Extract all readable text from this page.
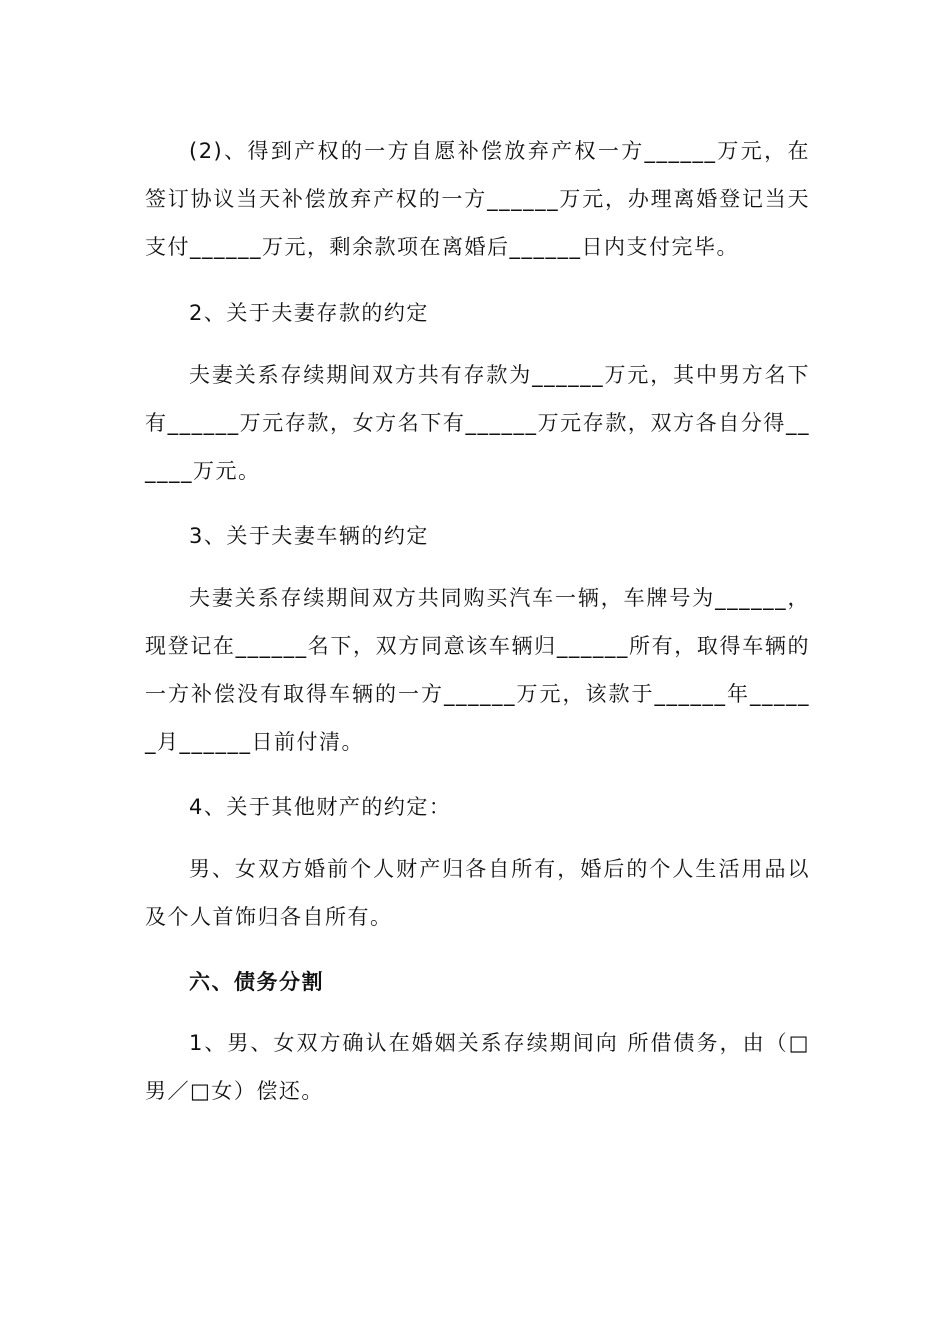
(2)、得到产权的一方自愿补偿放弃产权一方______万元，在签订协议当天补偿放弃产权的一方______万元，办理离婚登记当天支付______万元，剩余款项在离婚后______日内支付完毕。

2、关于夫妻存款的约定

夫妻关系存续期间双方共有存款为______万元，其中男方名下有______万元存款，女方名下有______万元存款，双方各自分得______万元。

3、关于夫妻车辆的约定

夫妻关系存续期间双方共同购买汽车一辆，车牌号为______，现登记在______名下，双方同意该车辆归______所有，取得车辆的一方补偿没有取得车辆的一方______万元，该款于______年______月______日前付清。

4、关于其他财产的约定：

男、女双方婚前个人财产归各自所有，婚后的个人生活用品以及个人首饰归各自所有。

六、债务分割

1、男、女双方确认在婚姻关系存续期间向 所借债务，由（□男／□女）偿还。
